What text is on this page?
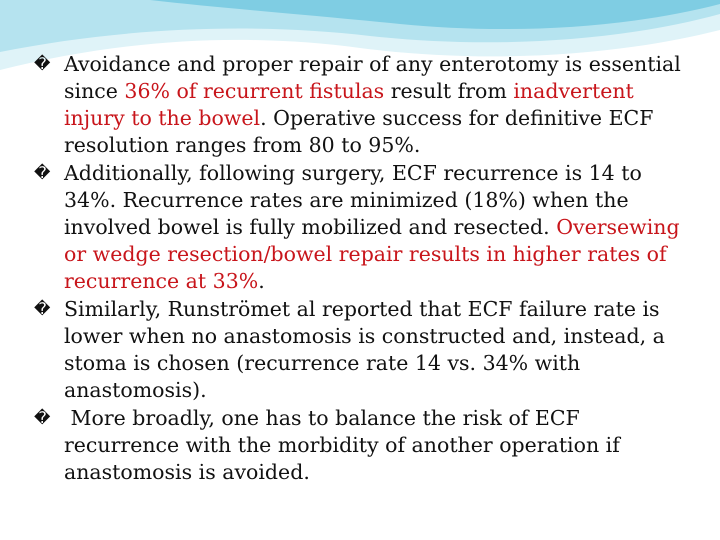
� Avoidance and proper repair of any enterotomy is essential since 36% of recurrent fistulas result from inadvertent injury to the bowel. Operative success for definitive ECF resolution ranges from 80 to 95%.

� Additionally, following surgery, ECF recurrence is 14 to 34%. Recurrence rates are minimized (18%) when the involved bowel is fully mobilized and resected. Oversewing or wedge resection/bowel repair results in higher rates of recurrence at 33%.

� Similarly, Runströmet al reported that ECF failure rate is lower when no anastomosis is constructed and, instead, a stoma is chosen (recurrence rate 14 vs. 34% with anastomosis).

� More broadly, one has to balance the risk of ECF recurrence with the morbidity of another operation if anastomosis is avoided.
